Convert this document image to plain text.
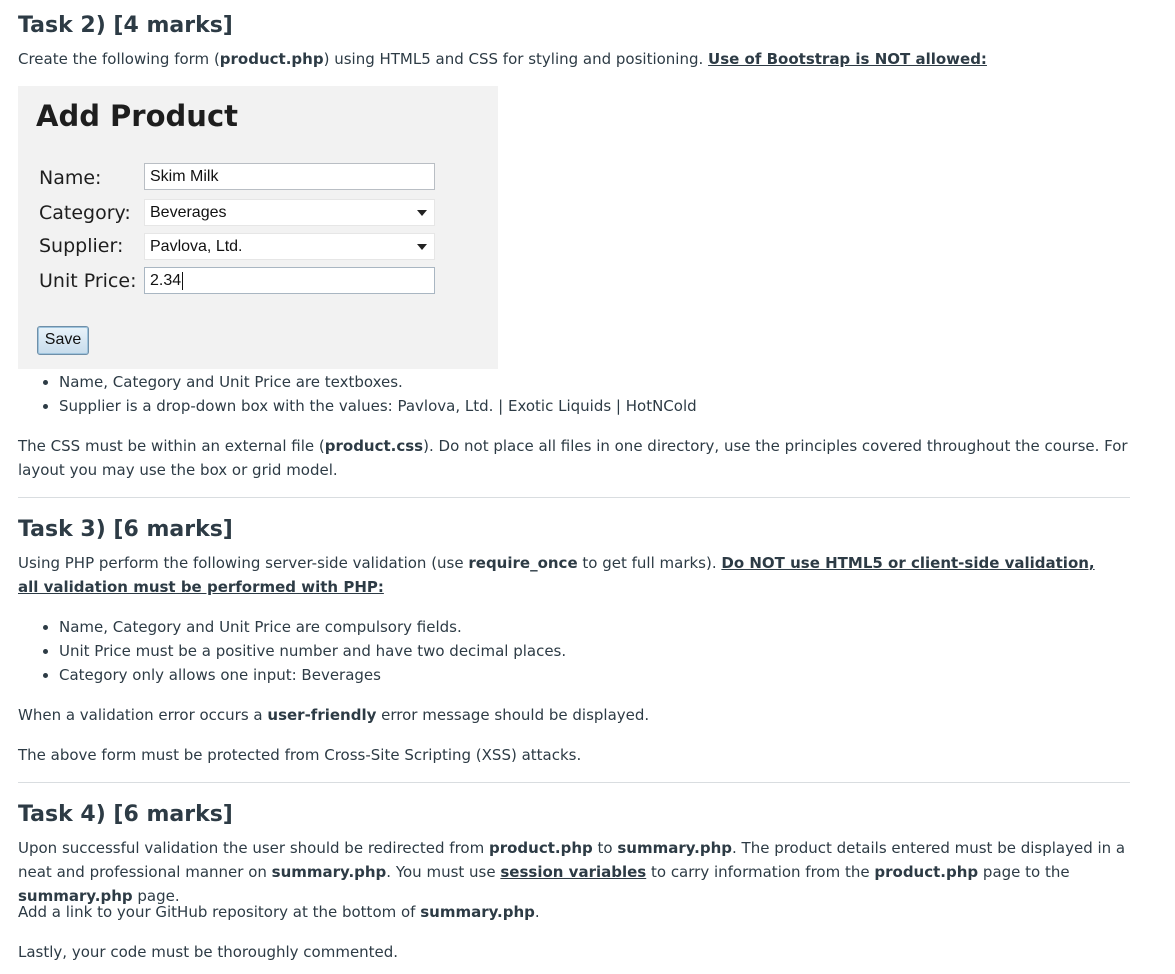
Task 2) [4 marks]

Create the following form (product.php) using HTML5 and CSS for styling and positioning. Use of Bootstrap is NOT allowed:

Add Product
Name:	Skim Milk
Category:	Beverages
Supplier:	Pavlova, Ltd.
Unit Price: 2.34
Save
• Name, Category and Unit Price are textboxes.
• Supplier is a drop-down box with the values: Pavlova, Ltd. | Exotic Liquids | HotNCold

The CSS must be within an external file (product.css). Do not place all files in one directory, use the principles covered throughout the course. For layout you may use the box or grid model.

Task 3) [6 marks]

Using PHP perform the following server-side validation (use require_once to get full marks). Do NOT use HTML5 or client-side validation, all validation must be performed with PHP:

• Name, Category and Unit Price are compulsory fields.
• Unit Price must be a positive number and have two decimal places.
• Category only allows one input: Beverages

When a validation error occurs a user-friendly error message should be displayed.

The above form must be protected from Cross-Site Scripting (XSS) attacks.

Task 4) [6 marks]

Upon successful validation the user should be redirected from product.php to summary.php. The product details entered must be displayed in a neat and professional manner on summary.php. You must use session variables to carry information from the product.php page to the summary.php page.

Add a link to your GitHub repository at the bottom of summary.php.

Lastly, your code must be thoroughly commented.
